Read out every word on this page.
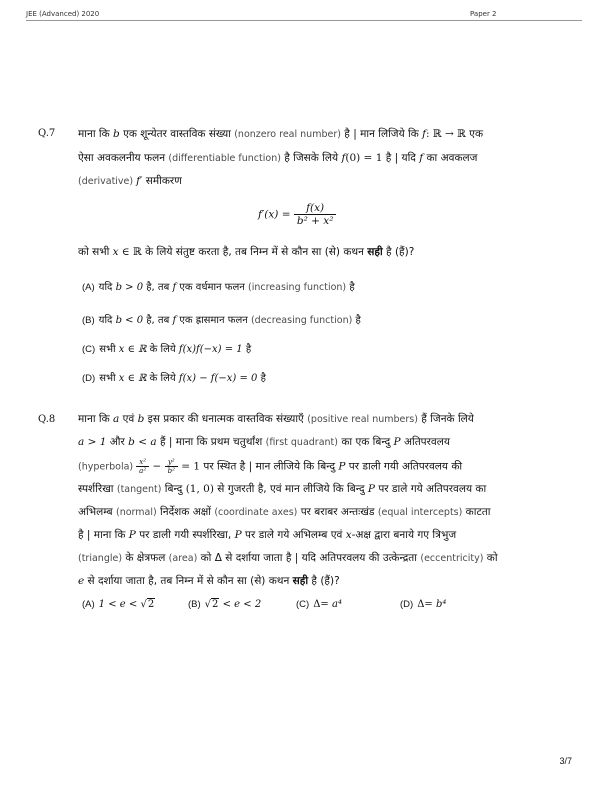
JEE (Advanced) 2020	Paper 2
Q.7 माना कि b एक शून्येतर वास्तविक संख्या (nonzero real number) है | मान लिजिये कि f: ℝ → ℝ एक
ऐसा अवकलनीय फलन (differentiable function) है जिसके लिये f(0) = 1 है | यदि f का अवकलज
(derivative) f′ समीकरण
$f'(x) = \frac{f(x)}{\text{b² + x²}}$
को सभी x ∈ ℝ के लिये संतुष्ट करता है, तब निम्न में से कौन सा (से) कथन सही है (हैं)?
(A) यदि b > 0 है, तब f एक वर्धमान फलन (increasing function) है
(B) यदि b < 0 है, तब f एक ह्रासमान फलन (decreasing function) है
(C) सभी x ∈ ℝ के लिये f(x)f(−x) = 1 है
(D) सभी x ∈ ℝ के लिये f(x) − f(−x) = 0 है
Q.8 माना कि a एवं b इस प्रकार की धनात्मक वास्तविक संख्याएँ (positive real numbers) हैं जिनके लिये
a > 1 और b < a हैं | माना कि प्रथम चतुर्थांश (first quadrant) का एक बिन्दु P अतिपरवलय
(hyperbola) $\frac{\text{x²}}{\text{a²}} - \frac{\text{y²}}{\text{b²}} = 1$ पर स्थित है | मान लीजिये कि बिन्दु P पर डाली गयी अतिपरवलय की
स्पर्शरिखा (tangent) बिन्दु (1, 0) से गुजरती है, एवं मान लीजिये कि बिन्दु P पर डाले गये अतिपरवलय का
अभिलम्ब (normal) निर्देशक अक्षों (coordinate axes) पर बराबर अन्तःखंड (equal intercepts) काटता
है | माना कि P पर डाली गयी स्पर्शरिखा, P पर डाले गये अभिलम्ब एवं x-अक्ष द्वारा बनाये गए त्रिभुज
(triangle) के क्षेत्रफल (area) को Δ से दर्शाया जाता है | यदि अतिपरवलय की उत्केन्द्रता (eccentricity) को
e से दर्शाया जाता है, तब निम्न में से कौन सा (से) कथन सही है (हैं)?
(A) 1 < e < √2	(B) √2 < e < 2	(C) Δ= a⁴	(D) Δ= b⁴
3/7
